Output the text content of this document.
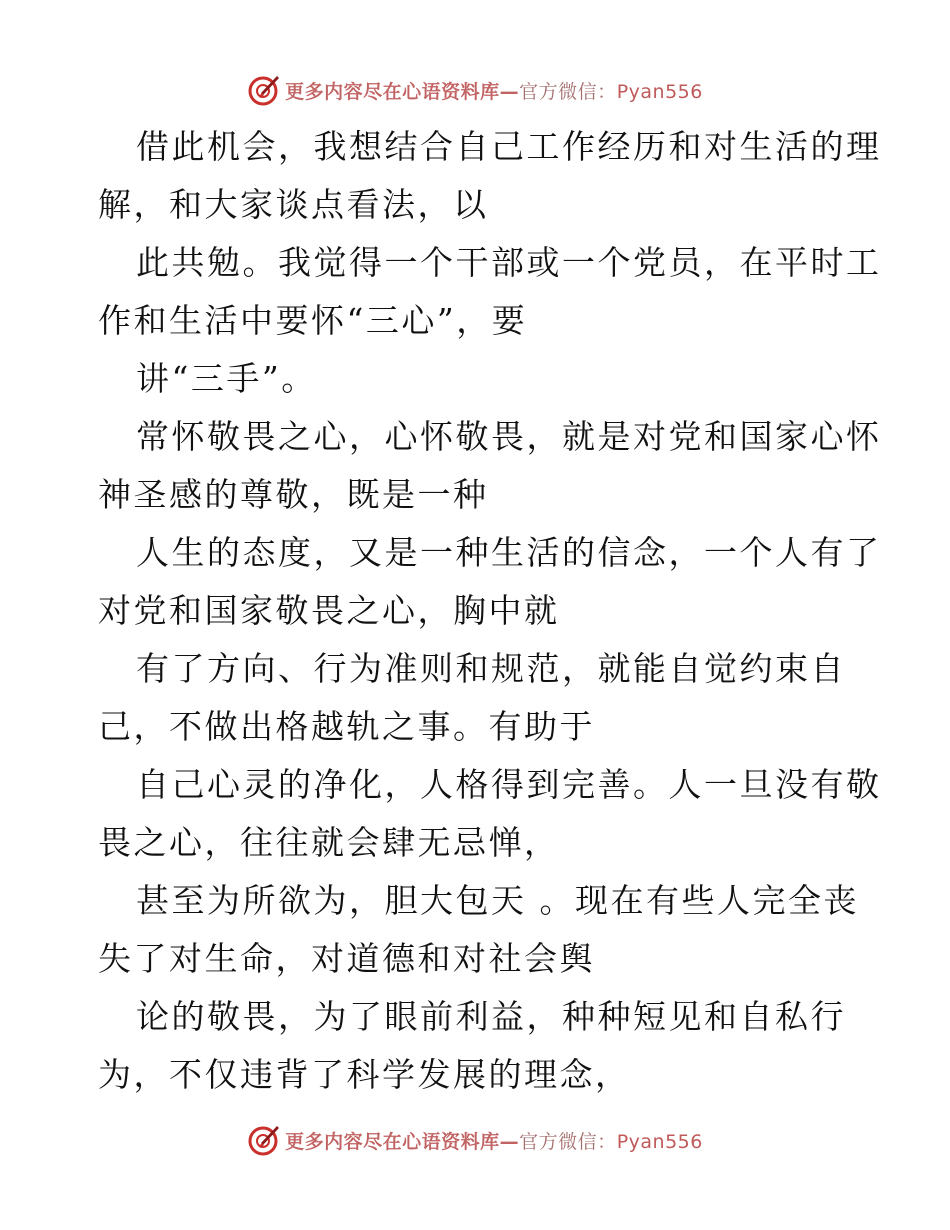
更多内容尽在心语资料库—官方微信：Pyan556
借此机会，我想结合自己工作经历和对生活的理
解，和大家谈点看法，以
此共勉。我觉得一个干部或一个党员，在平时工
作和生活中要怀“三心”，要
讲“三手”。
常怀敬畏之心，心怀敬畏，就是对党和国家心怀
神圣感的尊敬，既是一种
人生的态度，又是一种生活的信念，一个人有了
对党和国家敬畏之心，胸中就
有了方向、行为准则和规范，就能自觉约束自
己，不做出格越轨之事。有助于
自己心灵的净化，人格得到完善。人一旦没有敬
畏之心，往往就会肆无忌惮，
甚至为所欲为，胆大包天 。现在有些人完全丧
失了对生命，对道德和对社会舆
论的敬畏，为了眼前利益，种种短见和自私行
为，不仅违背了科学发展的理念，
更多内容尽在心语资料库—官方微信：Pyan556
